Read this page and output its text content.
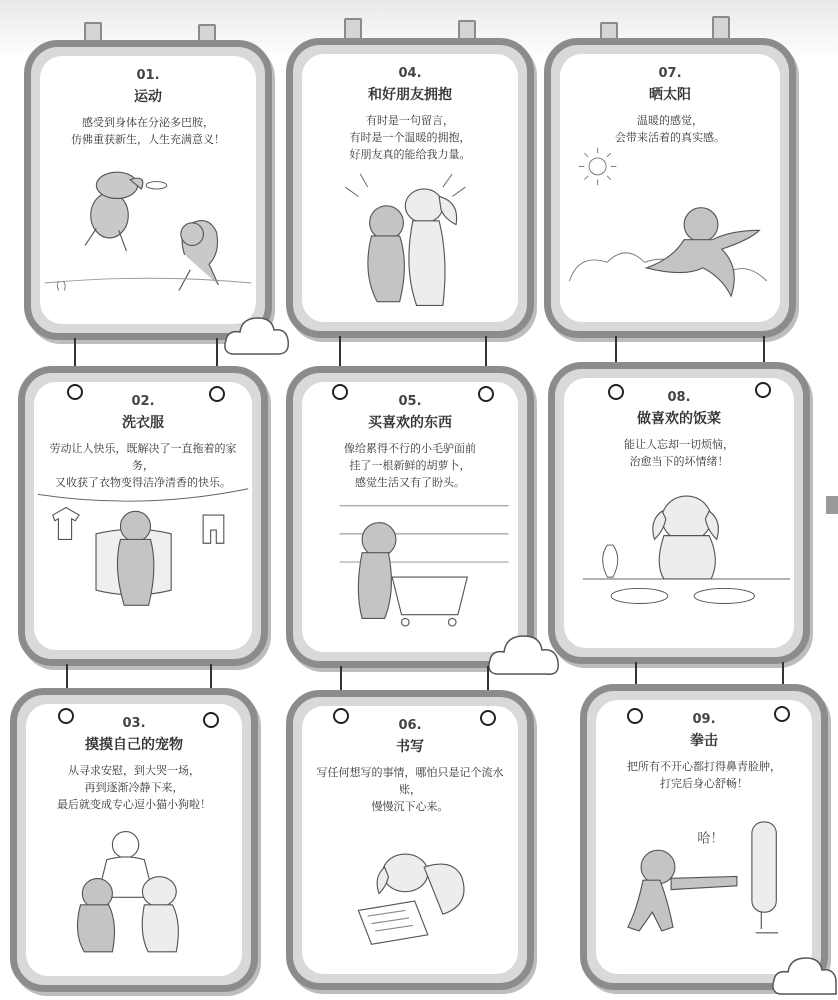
01.
运动
感受到身体在分泌多巴胺，
仿佛重获新生，人生充满意义！
04.
和好朋友拥抱
有时是一句留言，
有时是一个温暖的拥抱，
好朋友真的能给我力量。
07.
晒太阳
温暖的感觉，
会带来活着的真实感。
02.
洗衣服
劳动让人快乐，既解决了一直拖着的家务，
又收获了衣物变得洁净清香的快乐。
05.
买喜欢的东西
像给累得不行的小毛驴面前
挂了一根新鲜的胡萝卜，
感觉生活又有了盼头。
08.
做喜欢的饭菜
能让人忘却一切烦恼，
治愈当下的坏情绪！
03.
摸摸自己的宠物
从寻求安慰，到大哭一场，
再到逐渐冷静下来，
最后就变成专心逗小猫小狗啦！
06.
书写
写任何想写的事情，哪怕只是记个流水账，
慢慢沉下心来。
09.
拳击
把所有不开心都打得鼻青脸肿，
打完后身心舒畅！
哈！
